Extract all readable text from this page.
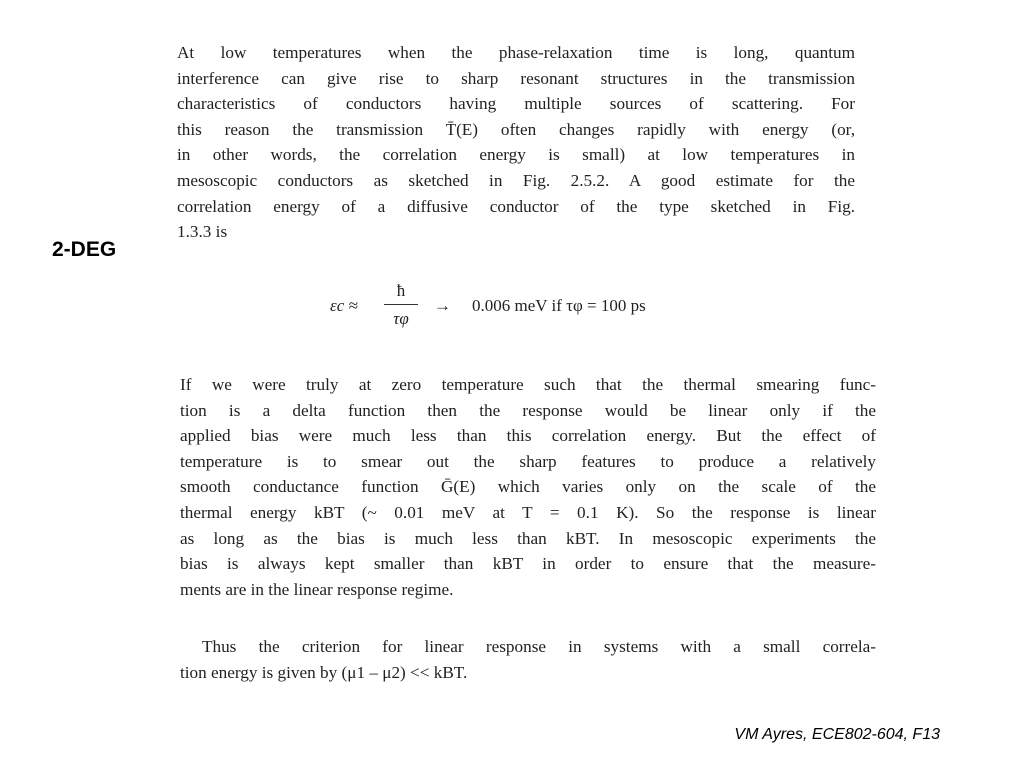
2-DEG
At low temperatures when the phase-relaxation time is long, quantum
interference can give rise to sharp resonant structures in the transmission
characteristics of conductors having multiple sources of scattering. For
this reason the transmission T̄(E) often changes rapidly with energy (or,
in other words, the correlation energy is small) at low temperatures in
mesoscopic conductors as sketched in Fig. 2.5.2. A good estimate for the
correlation energy of a diffusive conductor of the type sketched in Fig.
1.3.3 is
εc ≈
ħ
τφ
→ 0.006 meV if τφ = 100 ps
If we were truly at zero temperature such that the thermal smearing func-
tion is a delta function then the response would be linear only if the
applied bias were much less than this correlation energy. But the effect of
temperature is to smear out the sharp features to produce a relatively
smooth conductance function Ḡ(E) which varies only on the scale of the
thermal energy kBT (~ 0.01 meV at T = 0.1 K). So the response is linear
as long as the bias is much less than kBT. In mesoscopic experiments the
bias is always kept smaller than kBT in order to ensure that the measure-
ments are in the linear response regime.
Thus the criterion for linear response in systems with a small correla-
tion energy is given by (μ1 – μ2) << kBT.
VM Ayres, ECE802-604, F13
